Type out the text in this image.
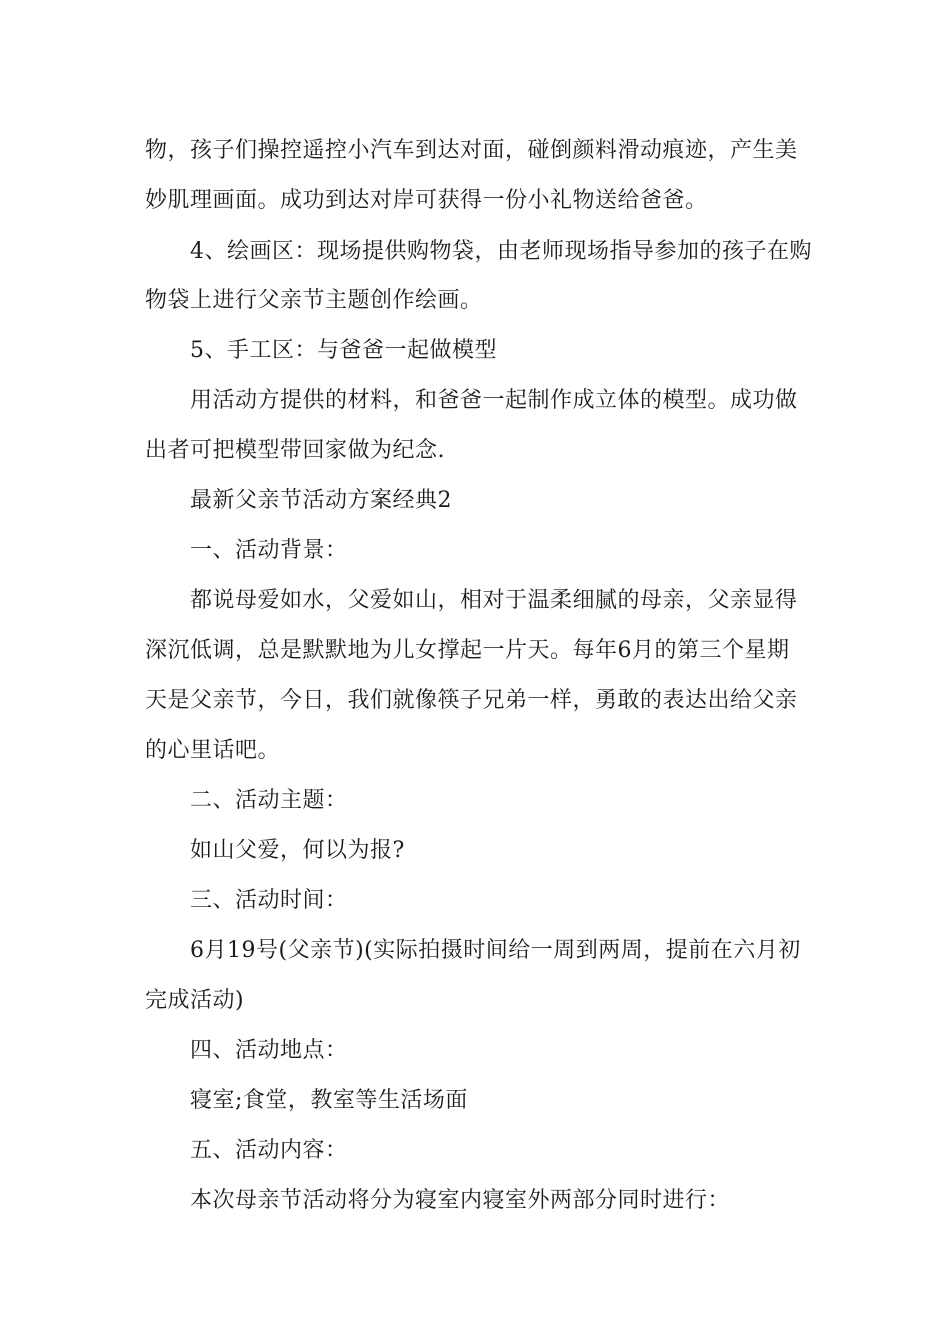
物，孩子们操控遥控小汽车到达对面，碰倒颜料滑动痕迹，产生美
妙肌理画面。成功到达对岸可获得一份小礼物送给爸爸。
4、绘画区：现场提供购物袋，由老师现场指导参加的孩子在购
物袋上进行父亲节主题创作绘画。
5、手工区：与爸爸一起做模型
用活动方提供的材料，和爸爸一起制作成立体的模型。成功做
出者可把模型带回家做为纪念.
最新父亲节活动方案经典2
一、活动背景：
都说母爱如水，父爱如山，相对于温柔细腻的母亲，父亲显得
深沉低调，总是默默地为儿女撑起一片天。每年6月的第三个星期
天是父亲节，今日，我们就像筷子兄弟一样，勇敢的表达出给父亲
的心里话吧。
二、活动主题：
如山父爱，何以为报?
三、活动时间：
6月19号(父亲节)(实际拍摄时间给一周到两周，提前在六月初
完成活动)
四、活动地点：
寝室;食堂，教室等生活场面
五、活动内容：
本次母亲节活动将分为寝室内寝室外两部分同时进行：
